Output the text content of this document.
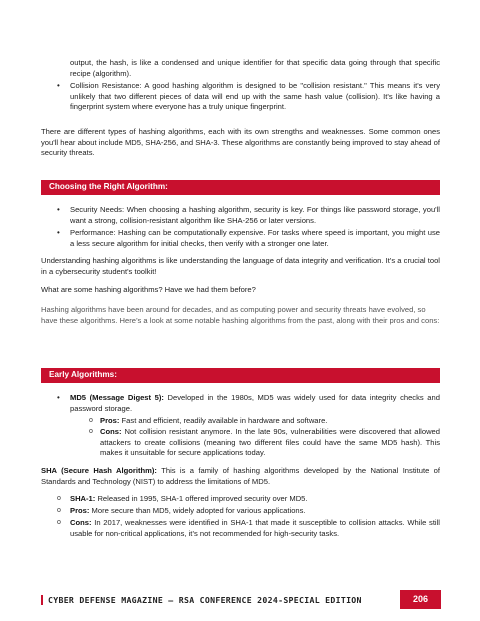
output, the hash, is like a condensed and unique identifier for that specific data going through that specific recipe (algorithm).
• Collision Resistance: A good hashing algorithm is designed to be "collision resistant." This means it's very unlikely that two different pieces of data will end up with the same hash value (collision). It's like having a fingerprint system where everyone has a truly unique fingerprint.
There are different types of hashing algorithms, each with its own strengths and weaknesses. Some common ones you'll hear about include MD5, SHA-256, and SHA-3. These algorithms are constantly being improved to stay ahead of security threats.
Choosing the Right Algorithm:
• Security Needs: When choosing a hashing algorithm, security is key. For things like password storage, you'll want a strong, collision-resistant algorithm like SHA-256 or later versions.
• Performance: Hashing can be computationally expensive. For tasks where speed is important, you might use a less secure algorithm for initial checks, then verify with a stronger one later.
Understanding hashing algorithms is like understanding the language of data integrity and verification. It's a crucial tool in a cybersecurity student's toolkit!
What are some hashing algorithms? Have we had them before?
Hashing algorithms have been around for decades, and as computing power and security threats have evolved, so have these algorithms. Here’s a look at some notable hashing algorithms from the past, along with their pros and cons:
Early Algorithms:
• MD5 (Message Digest 5): Developed in the 1980s, MD5 was widely used for data integrity checks and password storage.
o Pros: Fast and efficient, readily available in hardware and software.
o Cons: Not collision resistant anymore. In the late 90s, vulnerabilities were discovered that allowed attackers to create collisions (meaning two different files could have the same MD5 hash). This makes it unsuitable for secure applications today.
SHA (Secure Hash Algorithm): This is a family of hashing algorithms developed by the National Institute of Standards and Technology (NIST) to address the limitations of MD5.
o SHA-1: Released in 1995, SHA-1 offered improved security over MD5.
o Pros: More secure than MD5, widely adopted for various applications.
o Cons: In 2017, weaknesses were identified in SHA-1 that made it susceptible to collision attacks. While still usable for non-critical applications, it’s not recommended for high-security tasks.
CYBER DEFENSE MAGAZINE – RSA CONFERENCE 2024-SPECIAL EDITION	206
